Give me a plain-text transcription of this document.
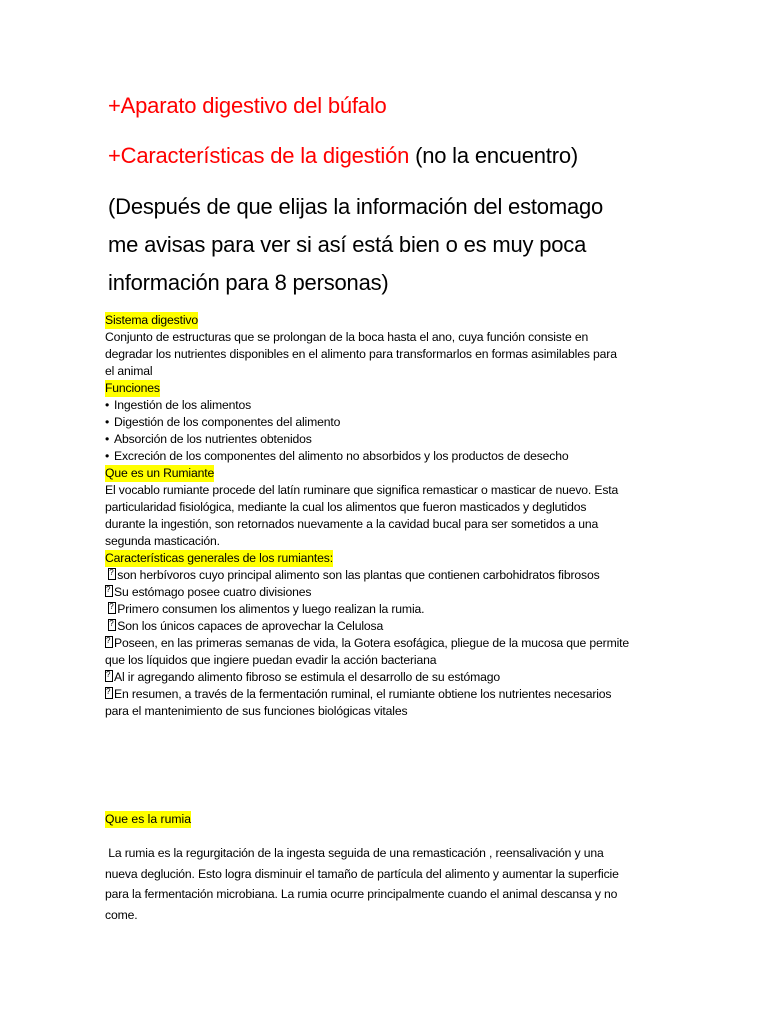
+Aparato digestivo del búfalo
+Características de la digestión (no la encuentro)
(Después de que elijas la información del estomago
me avisas para ver si así está bien o es muy poca
información para 8 personas)
Sistema digestivo
Conjunto de estructuras que se prolongan de la boca hasta el ano, cuya función consiste en
degradar los nutrientes disponibles en el alimento para transformarlos en formas asimilables para
el animal
Funciones
• Ingestión de los alimentos
• Digestión de los componentes del alimento
• Absorción de los nutrientes obtenidos
• Excreción de los componentes del alimento no absorbidos y los productos de desecho
Que es un Rumiante
El vocablo rumiante procede del latín ruminare que significa remasticar o masticar de nuevo. Esta
particularidad fisiológica, mediante la cual los alimentos que fueron masticados y deglutidos
durante la ingestión, son retornados nuevamente a la cavidad bucal para ser sometidos a una
segunda masticación.
Características generales de los rumiantes:
?son herbívoros cuyo principal alimento son las plantas que contienen carbohidratos fibrosos
?Su estómago posee cuatro divisiones
?Primero consumen los alimentos y luego realizan la rumia.
?Son los únicos capaces de aprovechar la Celulosa
?Poseen, en las primeras semanas de vida, la Gotera esofágica, pliegue de la mucosa que permite
que los líquidos que ingiere puedan evadir la acción bacteriana
?Al ir agregando alimento fibroso se estimula el desarrollo de su estómago
?En resumen, a través de la fermentación ruminal, el rumiante obtiene los nutrientes necesarios
para el mantenimiento de sus funciones biológicas vitales
Que es la rumia
La rumia es la regurgitación de la ingesta seguida de una remasticación , reensalivación y una
nueva deglución. Esto logra disminuir el tamaño de partícula del alimento y aumentar la superficie
para la fermentación microbiana. La rumia ocurre principalmente cuando el animal descansa y no
come.
